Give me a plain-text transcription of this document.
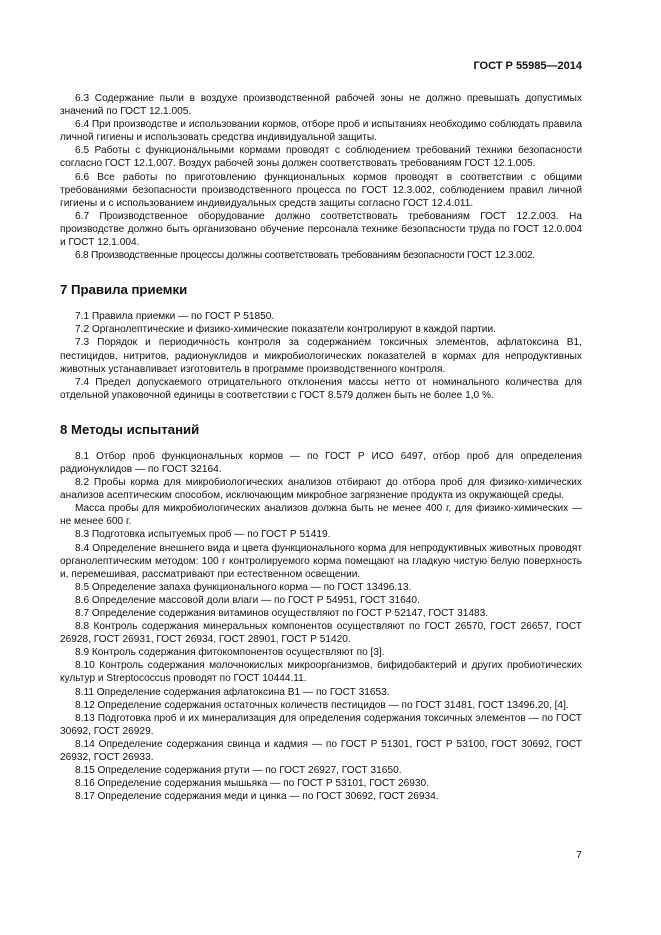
ГОСТ Р 55985—2014

6.3 Содержание пыли в воздухе производственной рабочей зоны не должно превышать допустимых значений по ГОСТ 12.1.005.

6.4 При производстве и использовании кормов, отборе проб и испытаниях необходимо соблюдать правила личной гигиены и использовать средства индивидуальной защиты.

6.5 Работы с функциональными кормами проводят с соблюдением требований техники безопасности согласно ГОСТ 12.1.007. Воздух рабочей зоны должен соответствовать требованиям ГОСТ 12.1.005.

6.6 Все работы по приготовлению функциональных кормов проводят в соответствии с общими требованиями безопасности производственного процесса по ГОСТ 12.3.002, соблюдением правил личной гигиены и с использованием индивидуальных средств защиты согласно ГОСТ 12.4.011.

6.7 Производственное оборудование должно соответствовать требованиям ГОСТ 12.2.003. На производстве должно быть организовано обучение персонала технике безопасности труда по ГОСТ 12.0.004 и ГОСТ 12.1.004.

6.8 Производственные процессы должны соответствовать требованиям безопасности ГОСТ 12.3.002.

7 Правила приемки

7.1 Правила приемки — по ГОСТ Р 51850.

7.2 Органолептические и физико-химические показатели контролируют в каждой партии.

7.3 Порядок и периодичность контроля за содержанием токсичных элементов, афлатоксина В1, пестицидов, нитритов, радионуклидов и микробиологических показателей в кормах для непродуктивных животных устанавливает изготовитель в программе производственного контроля.

7.4 Предел допускаемого отрицательного отклонения массы нетто от номинального количества для отдельной упаковочной единицы в соответствии с ГОСТ 8.579 должен быть не более 1,0 %.

8 Методы испытаний

8.1 Отбор проб функциональных кормов — по ГОСТ Р ИСО 6497, отбор проб для определения радионуклидов — по ГОСТ 32164.

8.2 Пробы корма для микробиологических анализов отбирают до отбора проб для физико-химических анализов асептическим способом, исключающим микробное загрязнение продукта из окружающей среды.

Масса пробы для микробиологических анализов должна быть не менее 400 г, для физико-химических — не менее 600 г.

8.3 Подготовка испытуемых проб — по ГОСТ Р 51419.

8.4 Определение внешнего вида и цвета функционального корма для непродуктивных животных проводят органолептическим методом: 100 г контролируемого корма помещают на гладкую чистую белую поверхность и, перемешивая, рассматривают при естественном освещении.

8.5 Определение запаха функционального корма — по ГОСТ 13496.13.

8.6 Определение массовой доли влаги — по ГОСТ Р 54951, ГОСТ 31640.

8.7 Определение содержания витаминов осуществляют по ГОСТ Р 52147, ГОСТ 31483.

8.8 Контроль содержания минеральных компонентов осуществляют по ГОСТ 26570, ГОСТ 26657, ГОСТ 26928, ГОСТ 26931, ГОСТ 26934, ГОСТ 28901, ГОСТ Р 51420.

8.9 Контроль содержания фитокомпонентов осуществляют по [3].

8.10 Контроль содержания молочнокислых микроорганизмов, бифидобактерий и других пробиотических культур и Streptococcus проводят по ГОСТ 10444.11.

8.11 Определение содержания афлатоксина В1 — по ГОСТ 31653.

8.12 Определение содержания остаточных количеств пестицидов — по ГОСТ 31481, ГОСТ 13496.20, [4].

8.13 Подготовка проб и их минерализация для определения содержания токсичных элементов — по ГОСТ 30692, ГОСТ 26929.

8.14 Определение содержания свинца и кадмия — по ГОСТ Р 51301, ГОСТ Р 53100, ГОСТ 30692, ГОСТ 26932, ГОСТ 26933.

8.15 Определение содержания ртути — по ГОСТ 26927, ГОСТ 31650.

8.16 Определение содержания мышьяка — по ГОСТ Р 53101, ГОСТ 26930.

8.17 Определение содержания меди и цинка — по ГОСТ 30692, ГОСТ 26934.

7
